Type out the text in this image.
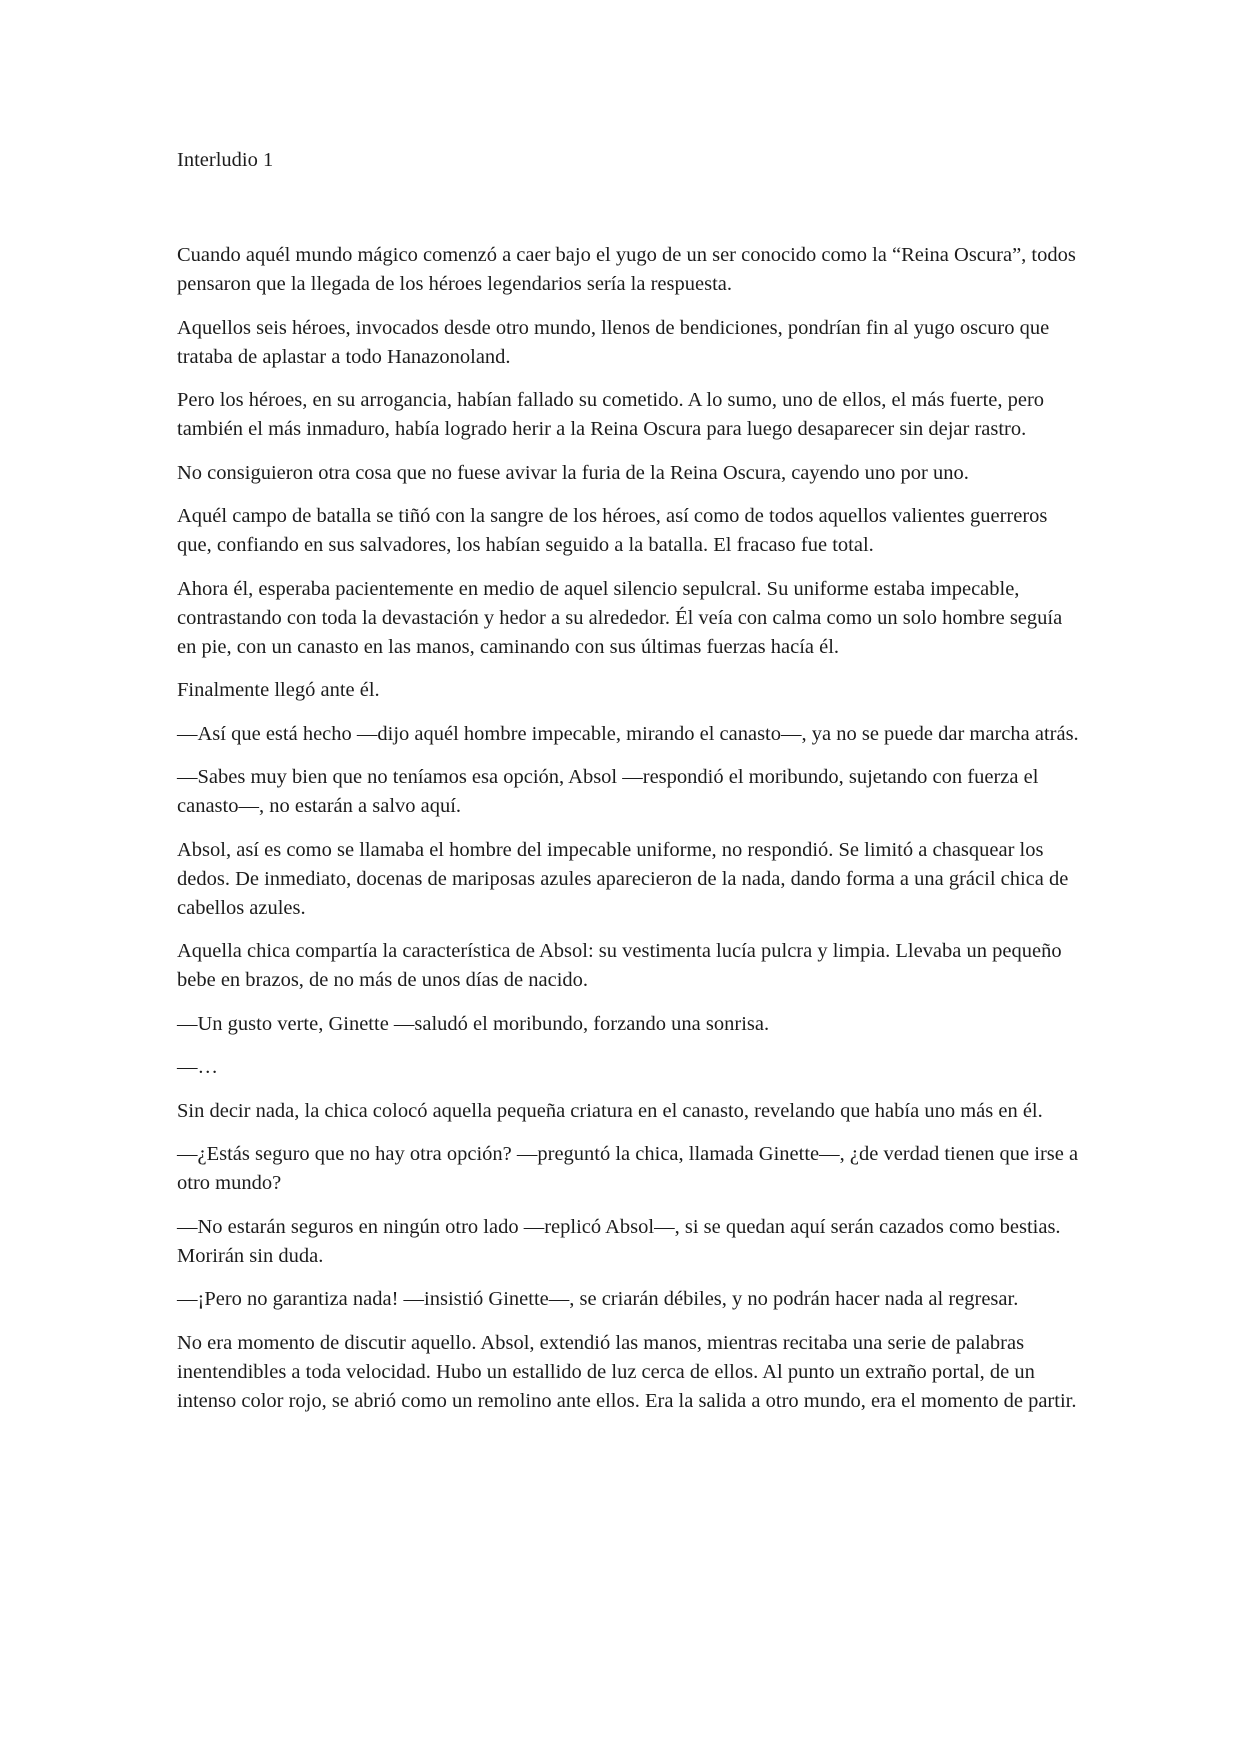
Interludio 1

Cuando aquél mundo mágico comenzó a caer bajo el yugo de un ser conocido como la “Reina Oscura”, todos pensaron que la llegada de los héroes legendarios sería la respuesta.

Aquellos seis héroes, invocados desde otro mundo, llenos de bendiciones, pondrían fin al yugo oscuro que trataba de aplastar a todo Hanazonoland.

Pero los héroes, en su arrogancia, habían fallado su cometido. A lo sumo, uno de ellos, el más fuerte, pero también el más inmaduro, había logrado herir a la Reina Oscura para luego desaparecer sin dejar rastro.

No consiguieron otra cosa que no fuese avivar la furia de la Reina Oscura, cayendo uno por uno.

Aquél campo de batalla se tiñó con la sangre de los héroes, así como de todos aquellos valientes guerreros que, confiando en sus salvadores, los habían seguido a la batalla. El fracaso fue total.

Ahora él, esperaba pacientemente en medio de aquel silencio sepulcral. Su uniforme estaba impecable, contrastando con toda la devastación y hedor a su alrededor. Él veía con calma como un solo hombre seguía en pie, con un canasto en las manos, caminando con sus últimas fuerzas hacía él.

Finalmente llegó ante él.

—Así que está hecho —dijo aquél hombre impecable, mirando el canasto—, ya no se puede dar marcha atrás.

—Sabes muy bien que no teníamos esa opción, Absol —respondió el moribundo, sujetando con fuerza el canasto—, no estarán a salvo aquí.

Absol, así es como se llamaba el hombre del impecable uniforme, no respondió. Se limitó a chasquear los dedos. De inmediato, docenas de mariposas azules aparecieron de la nada, dando forma a una grácil chica de cabellos azules.

Aquella chica compartía la característica de Absol: su vestimenta lucía pulcra y limpia. Llevaba un pequeño bebe en brazos, de no más de unos días de nacido.

—Un gusto verte, Ginette —saludó el moribundo, forzando una sonrisa.

—…

Sin decir nada, la chica colocó aquella pequeña criatura en el canasto, revelando que había uno más en él.

—¿Estás seguro que no hay otra opción? —preguntó la chica, llamada Ginette—, ¿de verdad tienen que irse a otro mundo?

—No estarán seguros en ningún otro lado —replicó Absol—, si se quedan aquí serán cazados como bestias. Morirán sin duda.

—¡Pero no garantiza nada! —insistió Ginette—, se criarán débiles, y no podrán hacer nada al regresar.

No era momento de discutir aquello. Absol, extendió las manos, mientras recitaba una serie de palabras inentendibles a toda velocidad. Hubo un estallido de luz cerca de ellos. Al punto un extraño portal, de un intenso color rojo, se abrió como un remolino ante ellos. Era la salida a otro mundo, era el momento de partir.
